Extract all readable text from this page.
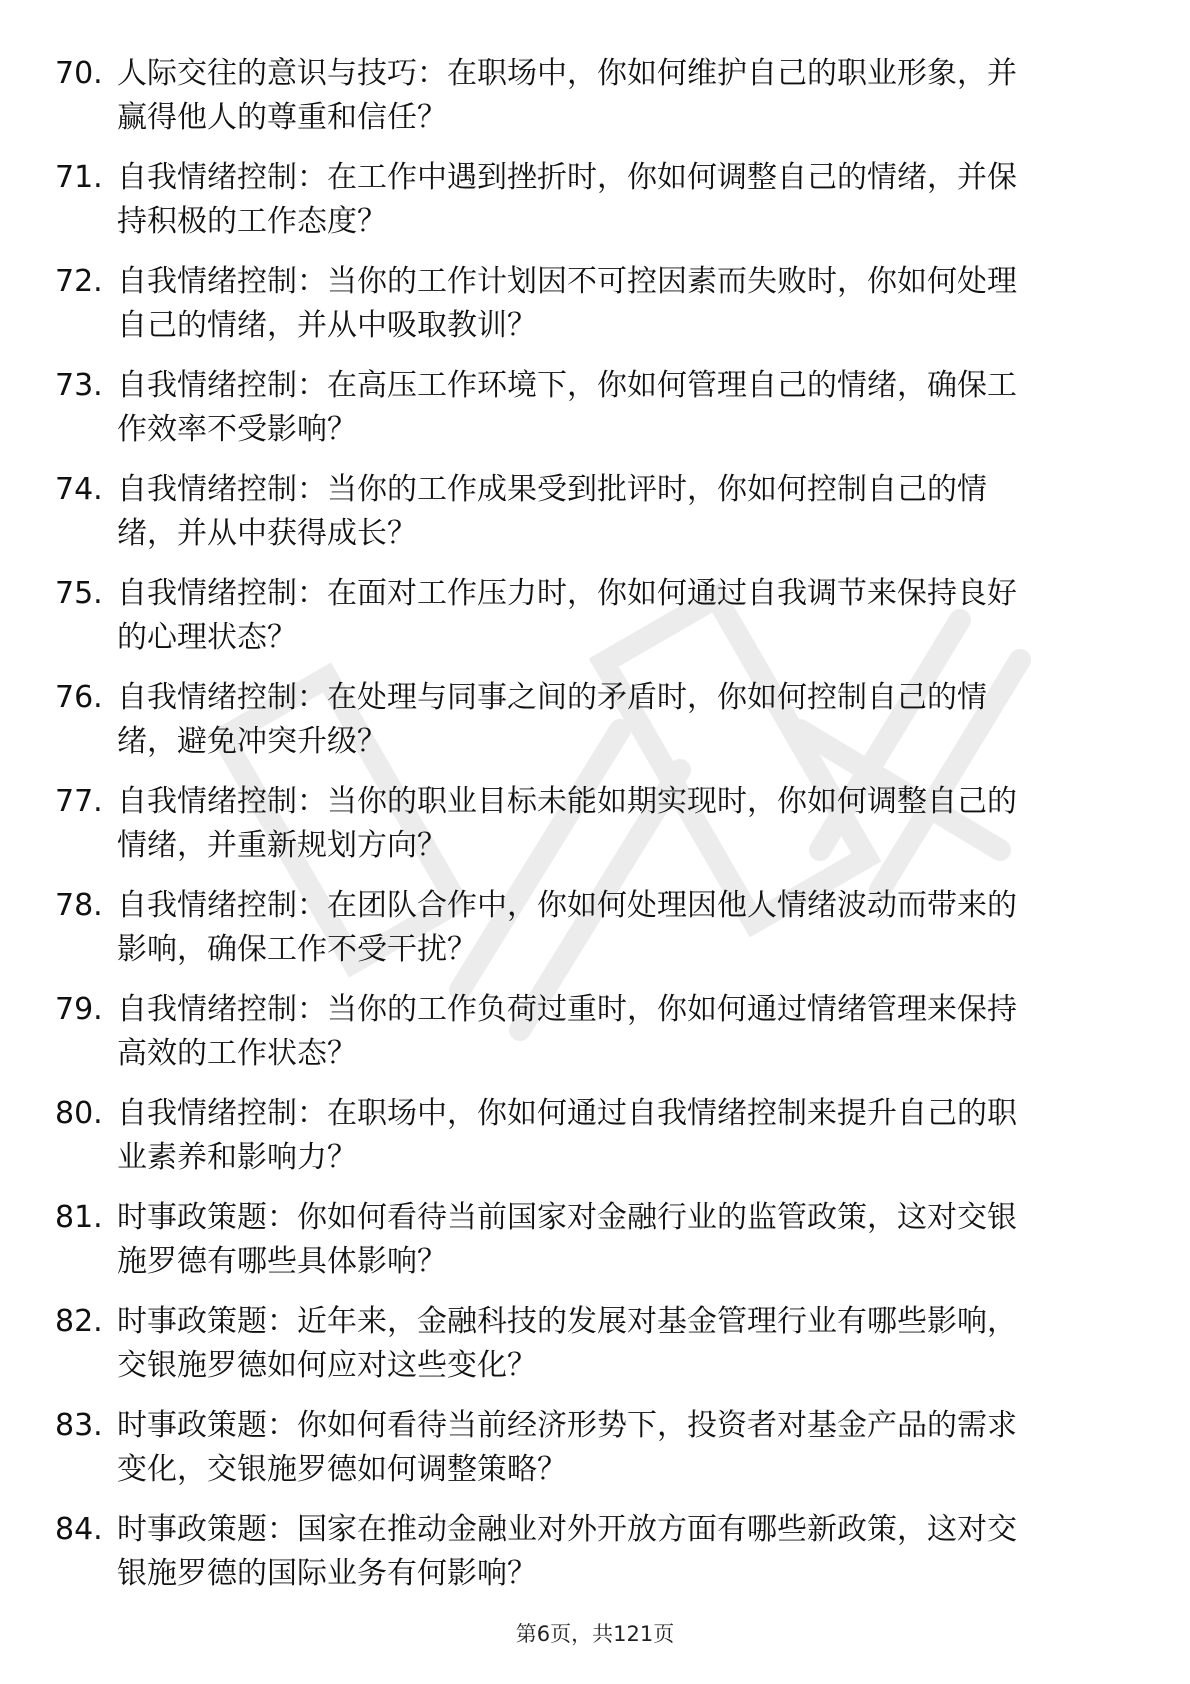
70. 人际交往的意识与技巧：在职场中，你如何维护自己的职业形象，并赢得他人的尊重和信任？
71. 自我情绪控制：在工作中遇到挫折时，你如何调整自己的情绪，并保持积极的工作态度？
72. 自我情绪控制：当你的工作计划因不可控因素而失败时，你如何处理自己的情绪，并从中吸取教训？
73. 自我情绪控制：在高压工作环境下，你如何管理自己的情绪，确保工作效率不受影响？
74. 自我情绪控制：当你的工作成果受到批评时，你如何控制自己的情绪，并从中获得成长？
75. 自我情绪控制：在面对工作压力时，你如何通过自我调节来保持良好的心理状态？
76. 自我情绪控制：在处理与同事之间的矛盾时，你如何控制自己的情绪，避免冲突升级？
77. 自我情绪控制：当你的职业目标未能如期实现时，你如何调整自己的情绪，并重新规划方向？
78. 自我情绪控制：在团队合作中，你如何处理因他人情绪波动而带来的影响，确保工作不受干扰？
79. 自我情绪控制：当你的工作负荷过重时，你如何通过情绪管理来保持高效的工作状态？
80. 自我情绪控制：在职场中，你如何通过自我情绪控制来提升自己的职业素养和影响力？
81. 时事政策题：你如何看待当前国家对金融行业的监管政策，这对交银施罗德有哪些具体影响？
82. 时事政策题：近年来，金融科技的发展对基金管理行业有哪些影响，交银施罗德如何应对这些变化？
83. 时事政策题：你如何看待当前经济形势下，投资者对基金产品的需求变化，交银施罗德如何调整策略？
84. 时事政策题：国家在推动金融业对外开放方面有哪些新政策，这对交银施罗德的国际业务有何影响？
第6页，共121页
